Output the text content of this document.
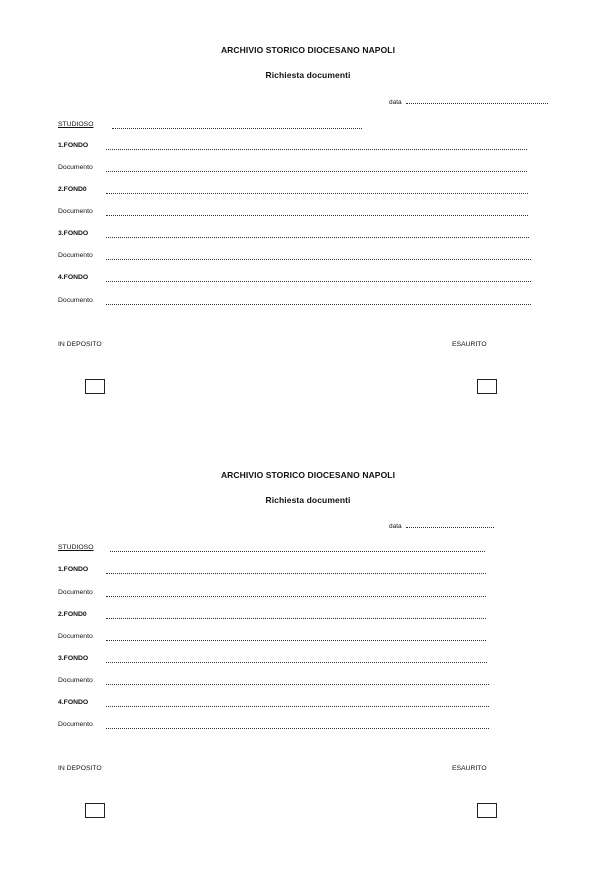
ARCHIVIO STORICO DIOCESANO NAPOLI
Richiesta documenti
data
STUDIOSO
1.FONDO
Documento
2.FOND0
Documento
3.FONDO
Documento
4.FONDO
Documento
IN DEPOSITO	ESAURITO
ARCHIVIO STORICO DIOCESANO NAPOLI
Richiesta documenti
data
STUDIOSO
1.FONDO
Documento
2.FOND0
Documento
3.FONDO
Documento
4.FONDO
Documento
IN DEPOSITO	ESAURITO
